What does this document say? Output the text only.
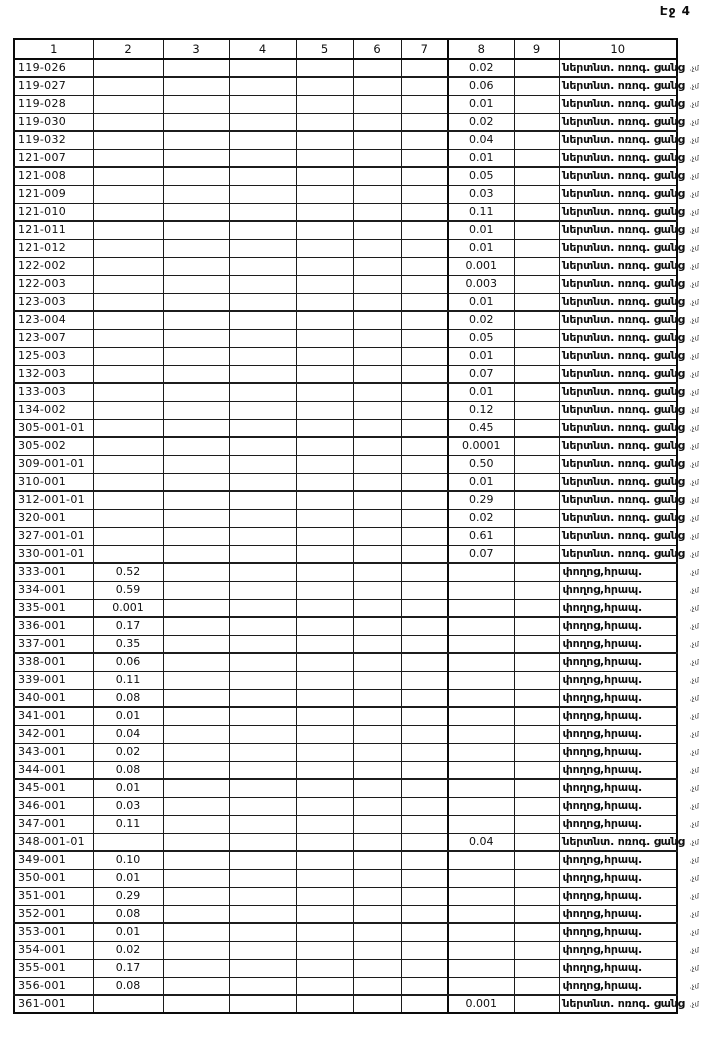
Էջ 4
1	2	3	4	5	6	7	8	9	10
119-026							0.02		ներտնտ. ոռոգ. ցանց .չմ

119-027							0.06		ներտնտ. ոռոգ. ցանց .չմ

119-028							0.01		ներտնտ. ոռոգ. ցանց .չմ

119-030							0.02		ներտնտ. ոռոգ. ցանց .չմ

119-032							0.04		ներտնտ. ոռոգ. ցանց .չմ

121-007							0.01		ներտնտ. ոռոգ. ցանց .չմ

121-008							0.05		ներտնտ. ոռոգ. ցանց .չմ

121-009							0.03		ներտնտ. ոռոգ. ցանց .չմ

121-010							0.11		ներտնտ. ոռոգ. ցանց .չմ

121-011							0.01		ներտնտ. ոռոգ. ցանց .չմ

121-012							0.01		ներտնտ. ոռոգ. ցանց .չմ

122-002							0.001		ներտնտ. ոռոգ. ցանց .չմ

122-003							0.003		ներտնտ. ոռոգ. ցանց .չմ

123-003							0.01		ներտնտ. ոռոգ. ցանց .չմ

123-004							0.02		ներտնտ. ոռոգ. ցանց .չմ

123-007							0.05		ներտնտ. ոռոգ. ցանց .չմ

125-003							0.01		ներտնտ. ոռոգ. ցանց .չմ

132-003							0.07		ներտնտ. ոռոգ. ցանց .չմ

133-003							0.01		ներտնտ. ոռոգ. ցանց .չմ

134-002							0.12		ներտնտ. ոռոգ. ցանց .չմ

305-001-01							0.45		ներտնտ. ոռոգ. ցանց .չմ

305-002							0.0001		ներտնտ. ոռոգ. ցանց .չմ

309-001-01							0.50		ներտնտ. ոռոգ. ցանց .չմ

310-001							0.01		ներտնտ. ոռոգ. ցանց .չմ

312-001-01							0.29		ներտնտ. ոռոգ. ցանց .չմ

320-001							0.02		ներտնտ. ոռոգ. ցանց .չմ

327-001-01							0.61		ներտնտ. ոռոգ. ցանց .չմ

330-001-01							0.07		ներտնտ. ոռոգ. ցանց .չմ

333-001	0.52								փողոց,հրապ. .չմ

334-001	0.59								փողոց,հրապ. .չմ

335-001	0.001								փողոց,հրապ. .չմ

336-001	0.17								փողոց,հրապ. .չմ

337-001	0.35								փողոց,հրապ. .չմ

338-001	0.06								փողոց,հրապ. .չմ

339-001	0.11								փողոց,հրապ. .չմ

340-001	0.08								փողոց,հրապ. .չմ

341-001	0.01								փողոց,հրապ. .չմ

342-001	0.04								փողոց,հրապ. .չմ

343-001	0.02								փողոց,հրապ. .չմ

344-001	0.08								փողոց,հրապ. .չմ

345-001	0.01								փողոց,հրապ. .չմ

346-001	0.03								փողոց,հրապ. .չմ

347-001	0.11								փողոց,հրապ. .չմ

348-001-01							0.04		ներտնտ. ոռոգ. ցանց .չմ

349-001	0.10								փողոց,հրապ. .չմ

350-001	0.01								փողոց,հրապ. .չմ

351-001	0.29								փողոց,հրապ. .չմ

352-001	0.08								փողոց,հրապ. .չմ

353-001	0.01								փողոց,հրապ. .չմ

354-001	0.02								փողոց,հրապ. .չմ

355-001	0.17								փողոց,հրապ. .չմ

356-001	0.08								փողոց,հրապ. .չմ

361-001							0.001		ներտնտ. ոռոգ. ցանց .չմ
